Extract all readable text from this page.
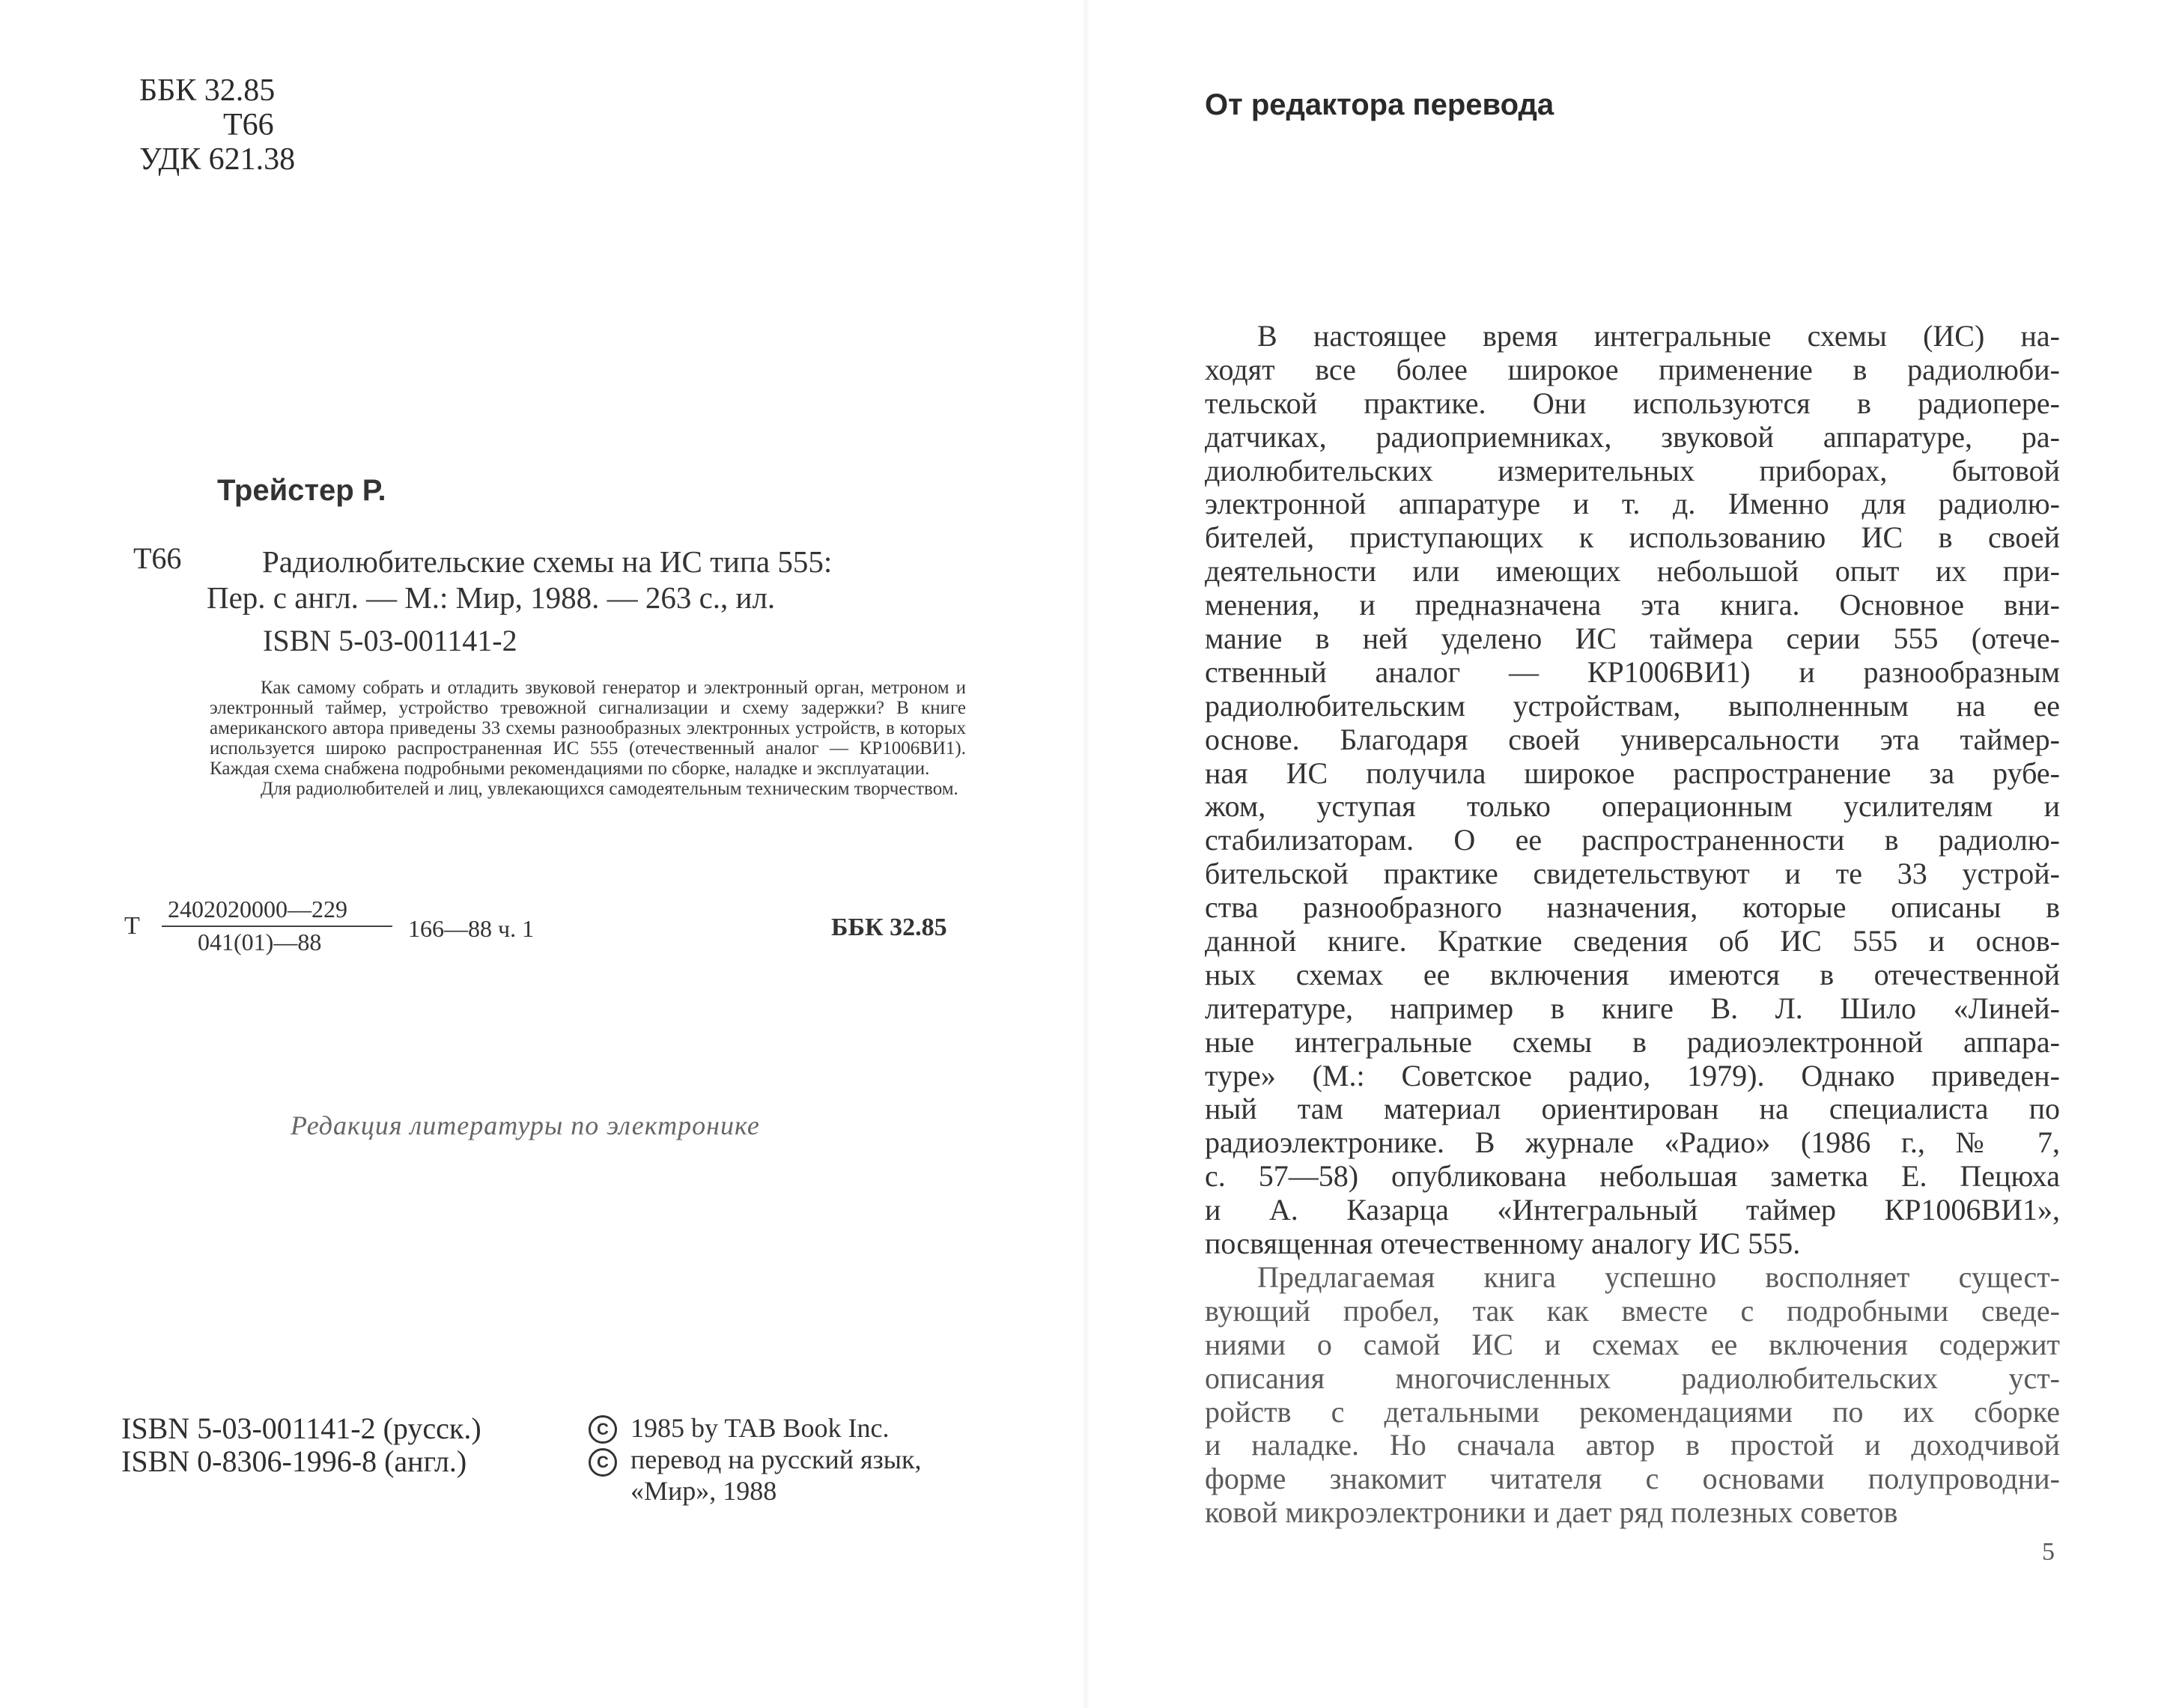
ББК 32.85
Т66
УДК 621.38
Трейстер Р.
Т66	Радиолюбительские схемы на ИС типа 555:
Пер. с англ. — М.: Мир, 1988. — 263 с., ил.
ISBN 5-03-001141-2

Как самому собрать и отладить звуковой генератор и электронный орган, метроном и электронный таймер, устройство тревожной сигнализации и схему задержки? В книге американского автора приведены 33 схемы разнообразных электронных устройств, в которых используется широко распространенная ИС 555 (отечественный аналог — КР1006ВИ1). Каждая схема снабжена подробными рекомендациями по сборке, наладке и эксплуатации.

Для радиолюбителей и лиц, увлекающихся самодеятельным техническим творчеством.

Т
2402020000—229
041(01)—88	166—88 ч. 1	ББК 32.85
Редакция литературы по электронике
ISBN 5-03-001141-2 (русск.)
ISBN 0-8306-1996-8 (англ.)
C
C
1985 by TAB Book Inc.
перевод на русский язык,
«Мир», 1988
От редактора перевода
В настоящее время интегральные схемы (ИС) на-
ходят все более широкое применение в радиолюби-
тельской практике. Они используются в радиопере-
датчиках, радиоприемниках, звуковой аппаратуре, ра-
диолюбительских измерительных приборах, бытовой
электронной аппаратуре и т. д. Именно для радиолю-
бителей, приступающих к использованию ИС в своей
деятельности или имеющих небольшой опыт их при-
менения, и предназначена эта книга. Основное вни-
мание в ней уделено ИС таймера серии 555 (отече-
ственный аналог — КР1006ВИ1) и разнообразным
радиолюбительским устройствам, выполненным на ее
основе. Благодаря своей универсальности эта таймер-
ная ИС получила широкое распространение за рубе-
жом, уступая только операционным усилителям и
стабилизаторам. О ее распространенности в радиолю-
бительской практике свидетельствуют и те 33 устрой-
ства разнообразного назначения, которые описаны в
данной книге. Краткие сведения об ИС 555 и основ-
ных схемах ее включения имеются в отечественной
литературе, например в книге В. Л. Шило «Линей-
ные интегральные схемы в радиоэлектронной аппара-
туре» (М.: Советское радио, 1979). Однако приведен-
ный там материал ориентирован на специалиста по
радиоэлектронике. В журнале «Радио» (1986 г., № 7,
с. 57—58) опубликована небольшая заметка Е. Пецюха
и А. Казарца «Интегральный таймер КР1006ВИ1»,
посвященная отечественному аналогу ИС 555.
Предлагаемая книга успешно восполняет сущест-
вующий пробел, так как вместе с подробными сведе-
ниями о самой ИС и схемах ее включения содержит
описания многочисленных радиолюбительских уст-
ройств с детальными рекомендациями по их сборке
и наладке. Но сначала автор в простой и доходчивой
форме знакомит читателя с основами полупроводни-
ковой микроэлектроники и дает ряд полезных советов
5
